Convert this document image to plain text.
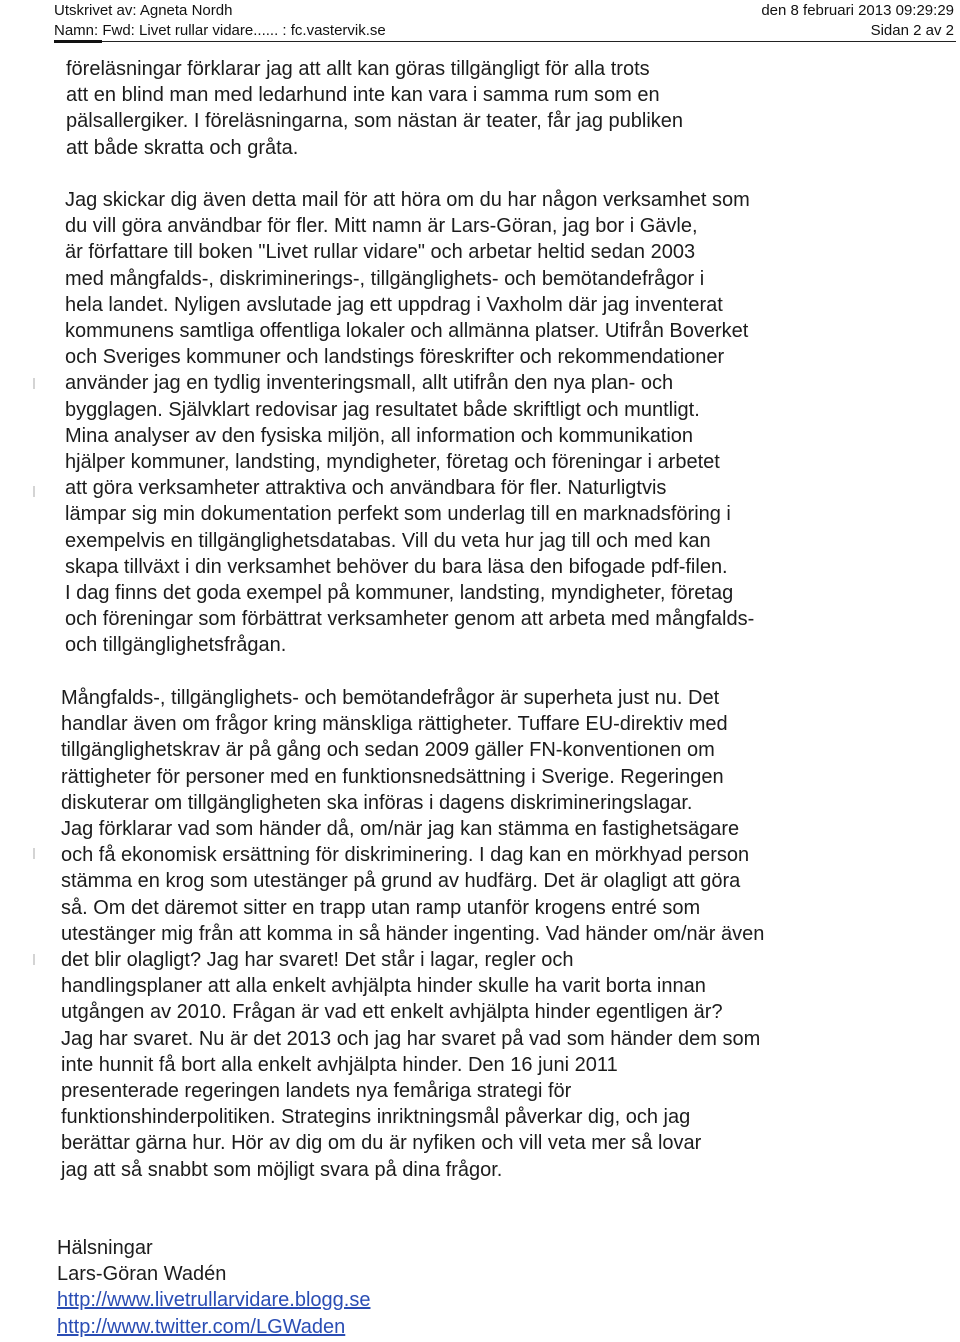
Utskrivet av: Agneta Nordh
Namn: Fwd: Livet rullar vidare...... : fc.vastervik.se
den 8 februari 2013 09:29:29
Sidan 2 av 2
föreläsningar förklarar jag att allt kan göras tillgängligt för alla trots
att en blind man med ledarhund inte kan vara i samma rum som en
pälsallergiker. I föreläsningarna, som nästan är teater, får jag publiken
att både skratta och gråta.
Jag skickar dig även detta mail för att höra om du har någon verksamhet som
du vill göra användbar för fler. Mitt namn är Lars-Göran, jag bor i Gävle,
är författare till boken "Livet rullar vidare" och arbetar heltid sedan 2003
med mångfalds-, diskriminerings-, tillgänglighets- och bemötandefrågor i
hela landet. Nyligen avslutade jag ett uppdrag i Vaxholm där jag inventerat
kommunens samtliga offentliga lokaler och allmänna platser. Utifrån Boverket
och Sveriges kommuner och landstings föreskrifter och rekommendationer
använder jag en tydlig inventeringsmall, allt utifrån den nya plan- och
bygglagen. Självklart redovisar jag resultatet både skriftligt och muntligt.
Mina analyser av den fysiska miljön, all information och kommunikation
hjälper kommuner, landsting, myndigheter, företag och föreningar i arbetet
att göra verksamheter attraktiva och användbara för fler. Naturligtvis
lämpar sig min dokumentation perfekt som underlag till en marknadsföring i
exempelvis en tillgänglighetsdatabas. Vill du veta hur jag till och med kan
skapa tillväxt i din verksamhet behöver du bara läsa den bifogade pdf-filen.
I dag finns det goda exempel på kommuner, landsting, myndigheter, företag
och föreningar som förbättrat verksamheter genom att arbeta med mångfalds-
och tillgänglighetsfrågan.
Mångfalds-, tillgänglighets- och bemötandefrågor är superheta just nu. Det
handlar även om frågor kring mänskliga rättigheter. Tuffare EU-direktiv med
tillgänglighetskrav är på gång och sedan 2009 gäller FN-konventionen om
rättigheter för personer med en funktionsnedsättning i Sverige. Regeringen
diskuterar om tillgängligheten ska införas i dagens diskrimineringslagar.
Jag förklarar vad som händer då, om/när jag kan stämma en fastighetsägare
och få ekonomisk ersättning för diskriminering. I dag kan en mörkhyad person
stämma en krog som utestänger på grund av hudfärg. Det är olagligt att göra
så. Om det däremot sitter en trapp utan ramp utanför krogens entré som
utestänger mig från att komma in så händer ingenting. Vad händer om/när även
det blir olagligt? Jag har svaret! Det står i lagar, regler och
handlingsplaner att alla enkelt avhjälpta hinder skulle ha varit borta innan
utgången av 2010. Frågan är vad ett enkelt avhjälpta hinder egentligen är?
Jag har svaret. Nu är det 2013 och jag har svaret på vad som händer dem som
inte hunnit få bort alla enkelt avhjälpta hinder. Den 16 juni 2011
presenterade regeringen landets nya femåriga strategi för
funktionshinderpolitiken. Strategins inriktningsmål påverkar dig, och jag
berättar gärna hur. Hör av dig om du är nyfiken och vill veta mer så lovar
jag att så snabbt som möjligt svara på dina frågor.
Hälsningar
Lars-Göran Wadén
http://www.livetrullarvidare.blogg.se
http://www.twitter.com/LGWaden
